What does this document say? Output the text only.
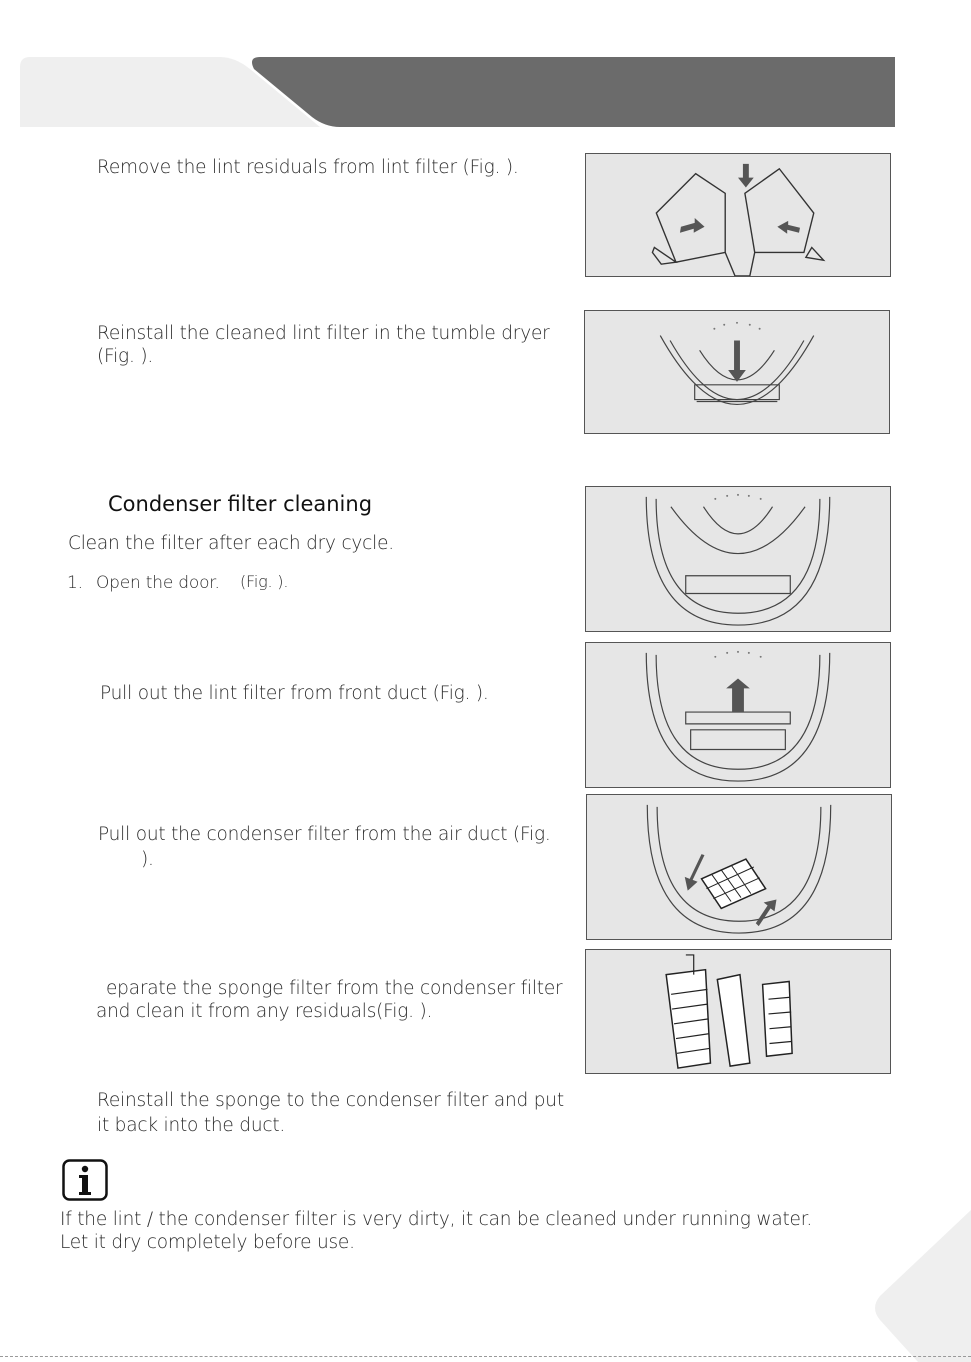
Remove the lint residuals from lint filter (Fig. ).
Reinstall the cleaned lint filter in the tumble dryer
(Fig. ).
Condenser filter cleaning
Clean the filter after each dry cycle.
1. Open the door. (Fig. ).
Pull out the lint filter from front duct (Fig. ).
Pull out the condenser filter from the air duct (Fig.
).
eparate the sponge filter from the condenser filter
and clean it from any residuals(Fig. ).
Reinstall the sponge to the condenser filter and put
it back into the duct.
If the lint / the condenser filter is very dirty, it can be cleaned under running water.
Let it dry completely before use.
